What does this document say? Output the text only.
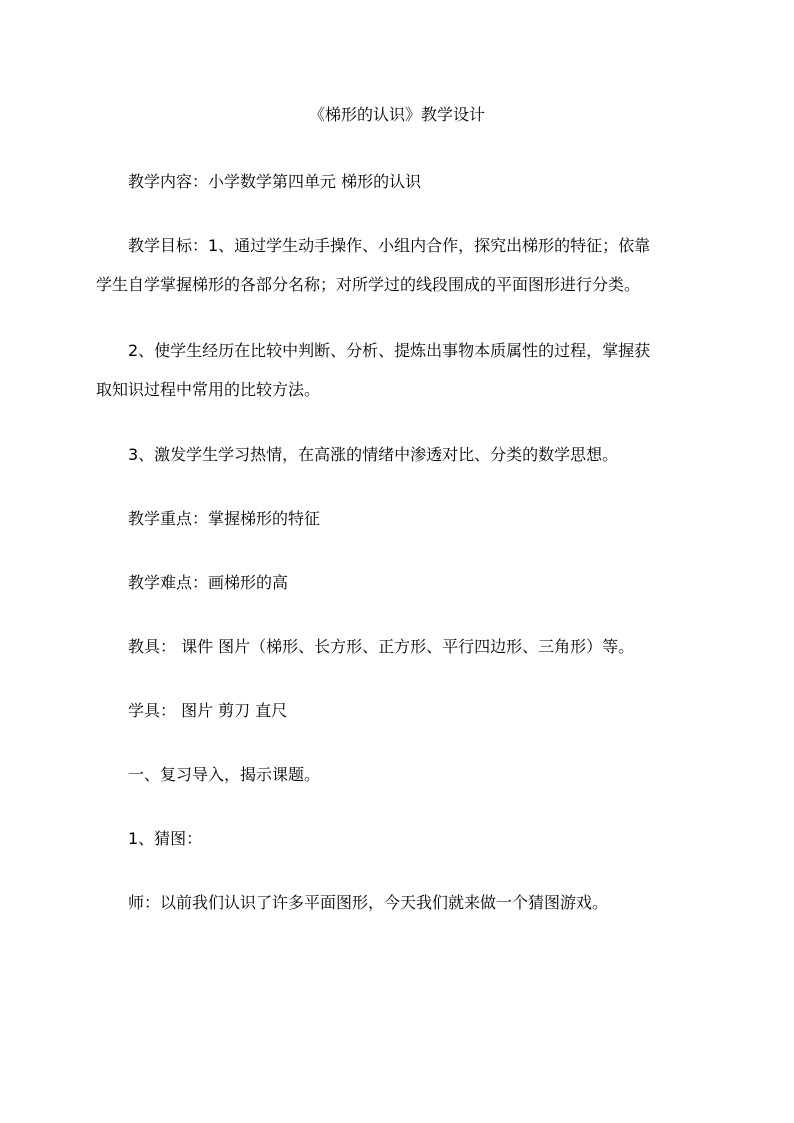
《梯形的认识》教学设计
教学内容：小学数学第四单元 梯形的认识
教学目标：1、通过学生动手操作、小组内合作，探究出梯形的特征；依靠
学生自学掌握梯形的各部分名称；对所学过的线段围成的平面图形进行分类。
2、使学生经历在比较中判断、分析、提炼出事物本质属性的过程，掌握获
取知识过程中常用的比较方法。
3、激发学生学习热情，在高涨的情绪中渗透对比、分类的数学思想。
教学重点：掌握梯形的特征
教学难点：画梯形的高
教具： 课件 图片（梯形、长方形、正方形、平行四边形、三角形）等。
学具： 图片 剪刀 直尺
一、复习导入，揭示课题。
1、猜图：
师：以前我们认识了许多平面图形，今天我们就来做一个猜图游戏。
